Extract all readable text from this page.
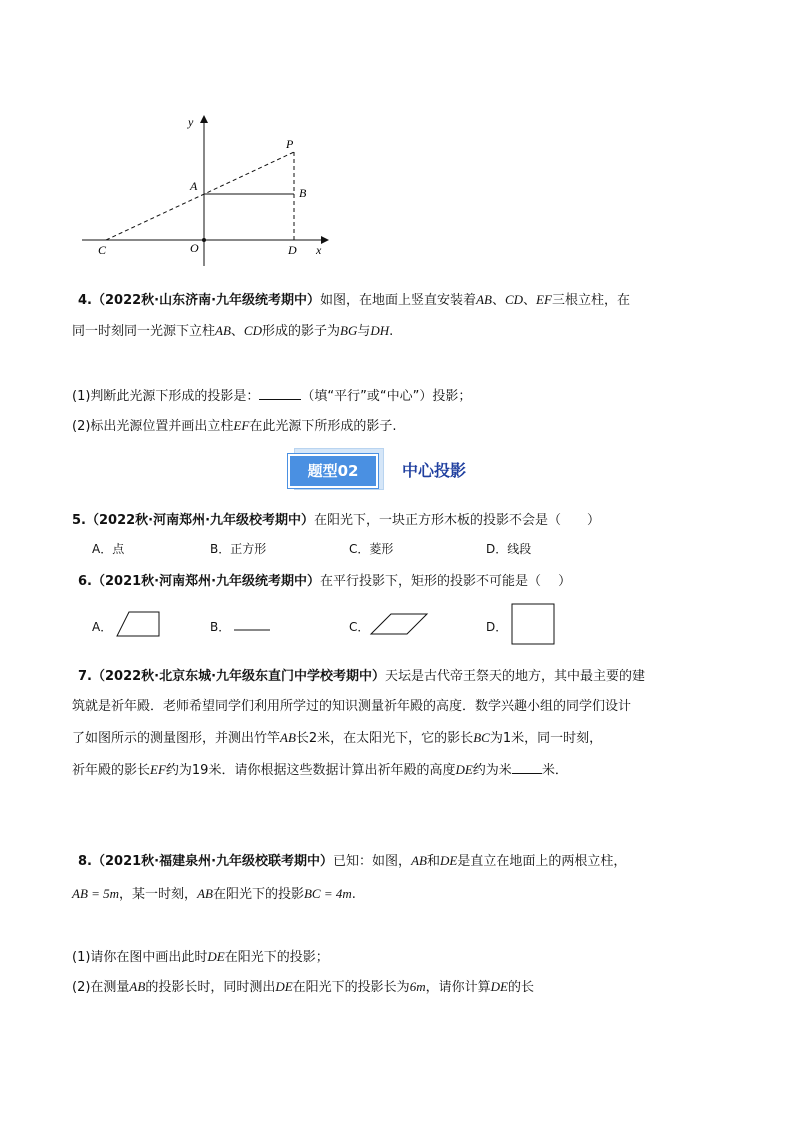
y
x
P
A	B
C	O	D
4.（2022秋·山东济南·九年级统考期中）如图，在地面上竖直安装着AB、CD、EF三根立柱，在
同一时刻同一光源下立柱AB、CD形成的影子为BG与DH.
(1)判断此光源下形成的投影是：	（填“平行”或“中心”）投影；
(2)标出光源位置并画出立柱EF在此光源下所形成的影子.
题型02	中心投影
5.（2022秋·河南郑州·九年级校考期中）在阳光下，一块正方形木板的投影不会是（　　）
A．点	B．正方形	C．菱形	D．线段
6.（2021秋·河南郑州·九年级统考期中）在平行投影下，矩形的投影不可能是（　 ）
A．	B．	C．	D．
7.（2022秋·北京东城·九年级东直门中学校考期中）天坛是古代帝王祭天的地方，其中最主要的建
筑就是祈年殿．老师希望同学们利用所学过的知识测量祈年殿的高度．数学兴趣小组的同学们设计
了如图所示的测量图形，并测出竹竿AB长2米，在太阳光下，它的影长BC为1米，同一时刻，
祈年殿的影长EF约为19米．请你根据这些数据计算出祈年殿的高度DE约为米 米．
8.（2021秋·福建泉州·九年级校联考期中）已知：如图，AB和DE是直立在地面上的两根立柱，
AB = 5m，某一时刻，AB在阳光下的投影BC = 4m.
(1)请你在图中画出此时DE在阳光下的投影；
(2)在测量AB的投影长时，同时测出DE在阳光下的投影长为6m，请你计算DE的长
